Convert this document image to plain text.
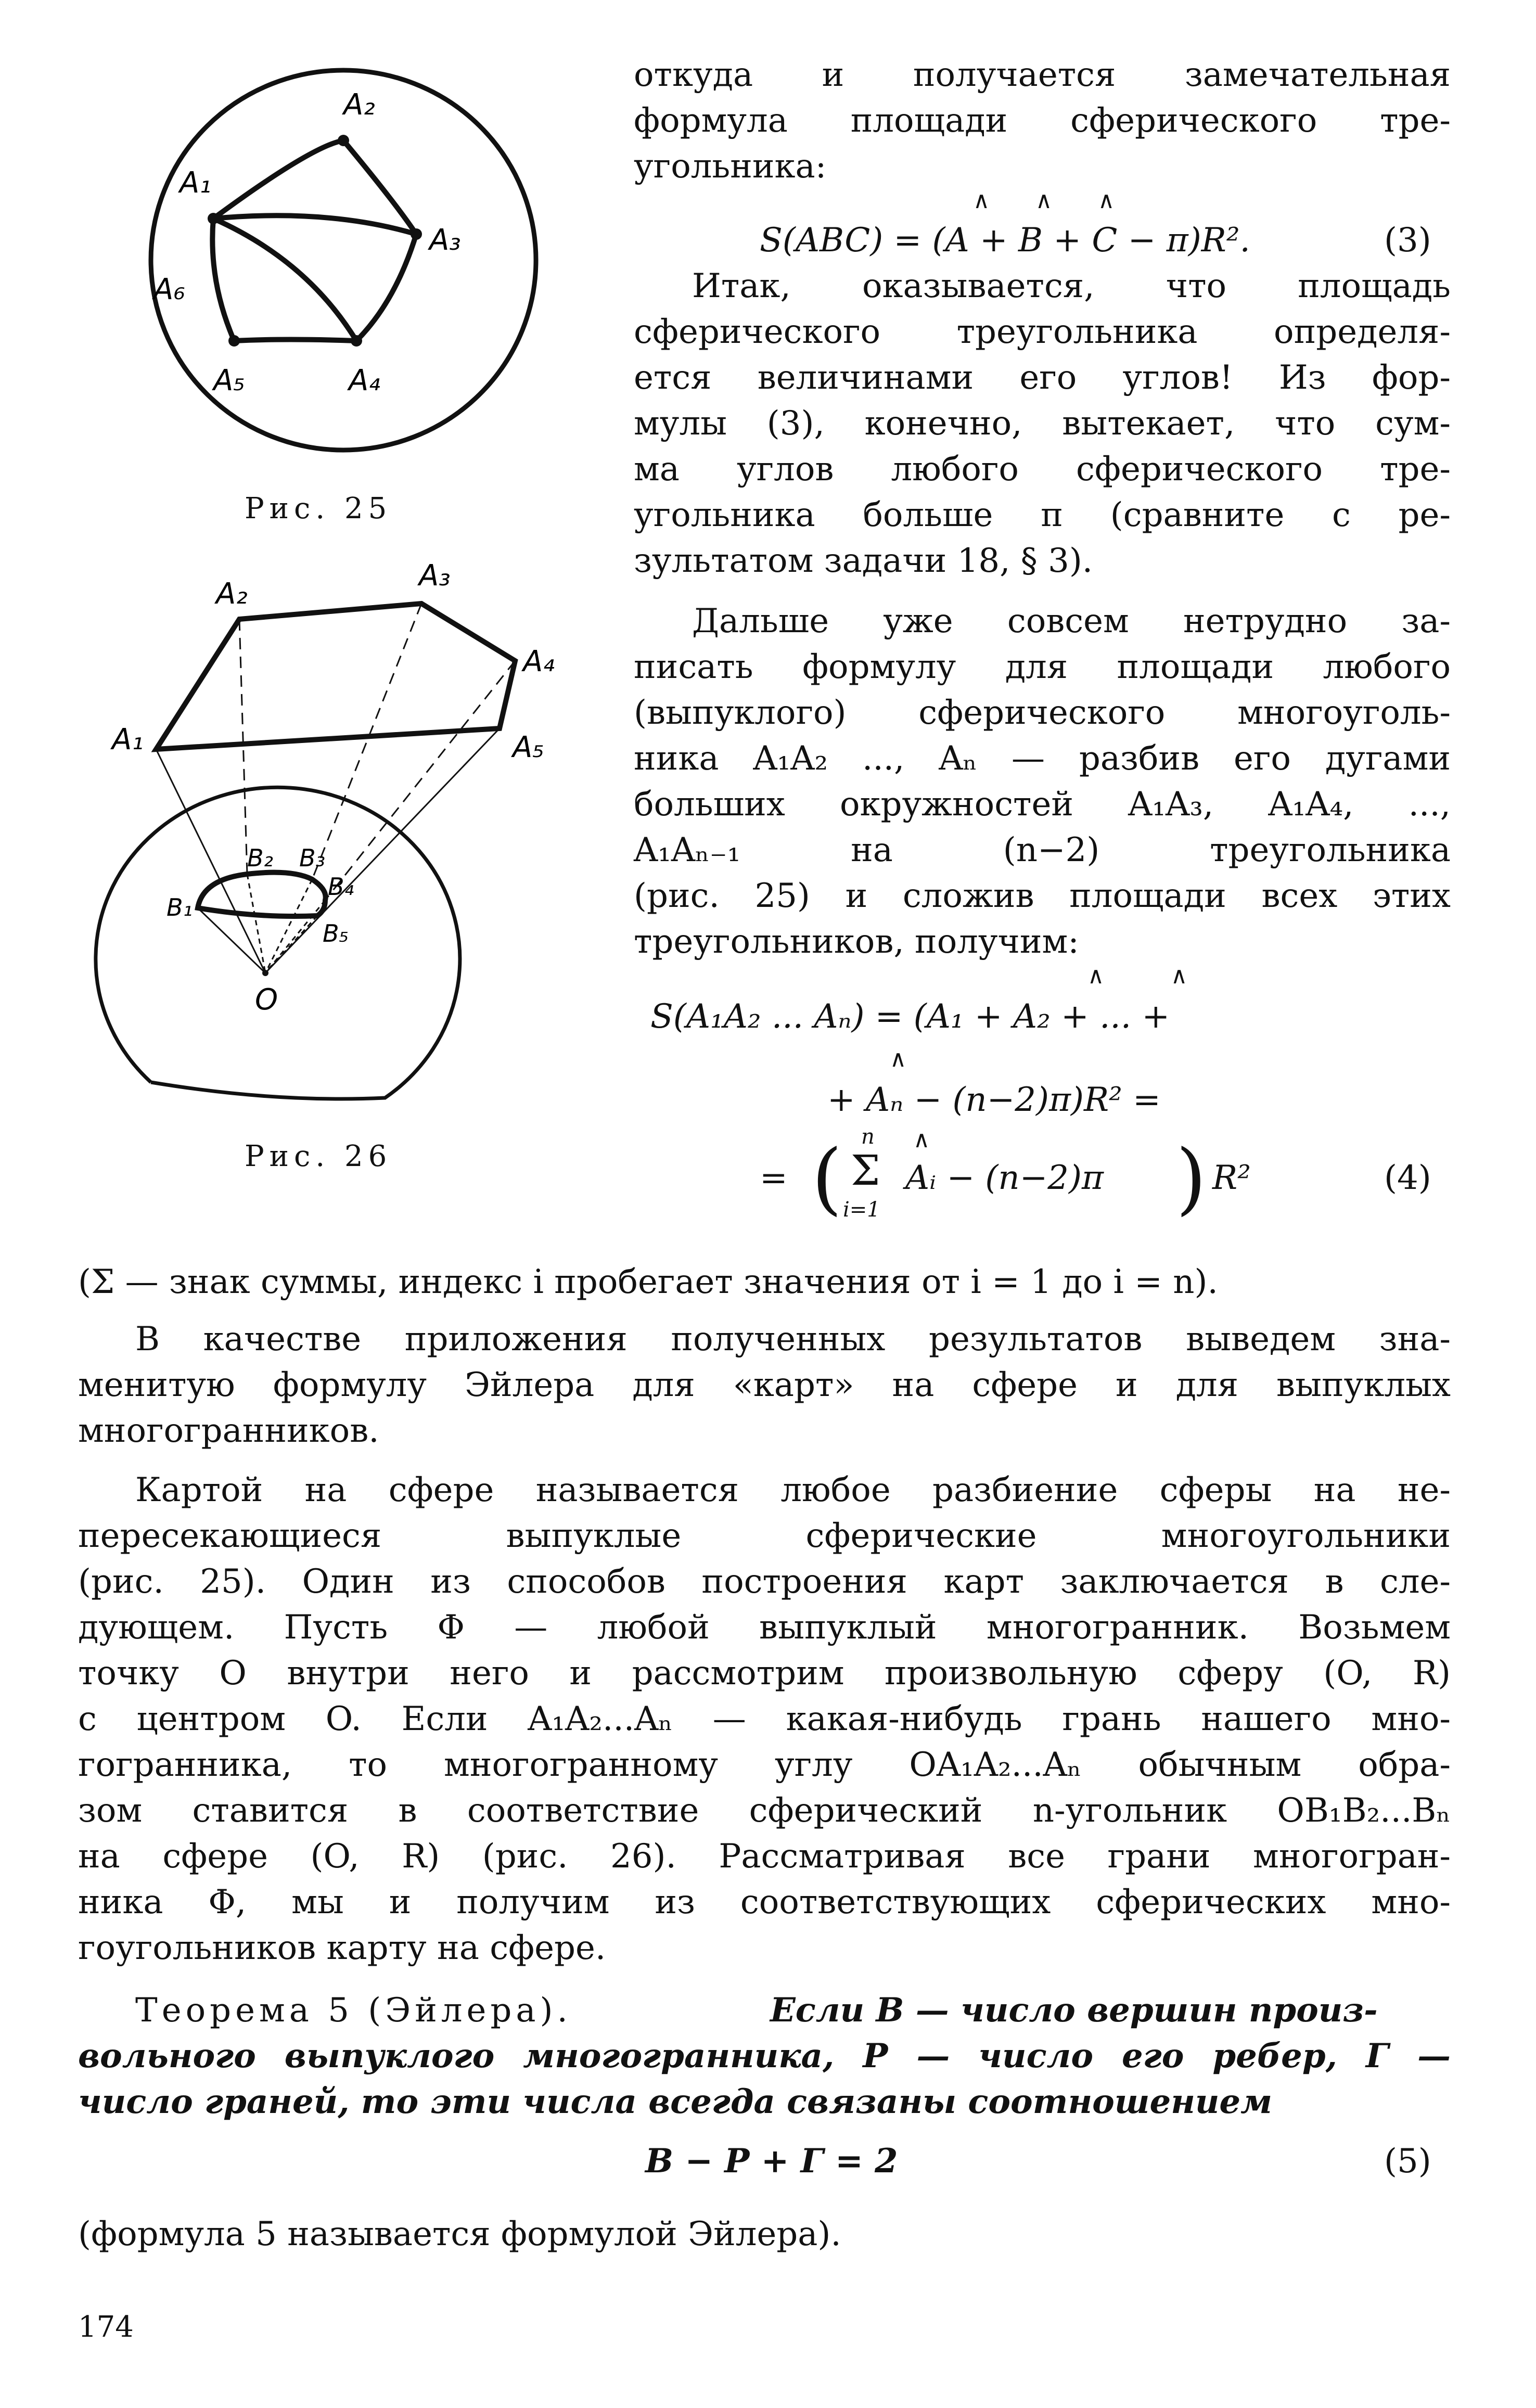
A₂
A₁
A₃
A₆
A₅	A₄
Рис. 25
A₂
A₃
A₄
A₁	A₅
B₂ B₃
B₄
B₁
B₅
O
Рис. 26
откуда и получается замечательная
формула площади сферического тре-
угольника:
∧ ∧ ∧
S(ABC) = (A + B + C − π)R².	(3)
Итак, оказывается, что площадь
сферического треугольника определя-
ется величинами его углов! Из фор-
мулы (3), конечно, вытекает, что сум-
ма углов любого сферического тре-
угольника больше π (сравните с ре-
зультатом задачи 18, § 3).
Дальше уже совсем нетрудно за-
писать формулу для площади любого
(выпуклого) сферического многоуголь-
ника A₁A₂ ..., Aₙ — разбив его дугами
больших окружностей A₁A₃, A₁A₄, ...,
A₁Aₙ₋₁ на (n−2) треугольника
(рис. 25) и сложив площади всех этих
треугольников, получим:
∧	∧
S(A₁A₂ ... Aₙ) = (A₁ + A₂ + ... +
∧
+ Aₙ − (n−2)π)R² =
= ( n
Σ
i=1
∧
Aᵢ − (n−2)π ) R²	(4)
(Σ — знак суммы, индекс i пробегает значения от i = 1 до i = n).
В качестве приложения полученных результатов выведем зна-
менитую формулу Эйлера для «карт» на сфере и для выпуклых
многогранников.
Картой на сфере называется любое разбиение сферы на не-
пересекающиеся выпуклые сферические многоугольники
(рис. 25). Один из способов построения карт заключается в сле-
дующем. Пусть Φ — любой выпуклый многогранник. Возьмем
точку O внутри него и рассмотрим произвольную сферу (O, R)
с центром O. Если A₁A₂...Aₙ — какая-нибудь грань нашего мно-
гогранника, то многогранному углу OA₁A₂...Aₙ обычным обра-
зом ставится в соответствие сферический n-угольник OB₁B₂...Bₙ
на сфере (O, R) (рис. 26). Рассматривая все грани многогран-
ника Φ, мы и получим из соответствующих сферических мно-
гоугольников карту на сфере.
Теорема 5 (Эйлера).	Если В — число вершин произ-
вольного выпуклого многогранника, Р — число его ребер, Г —
число граней, то эти числа всегда связаны соотношением
В − Р + Г = 2	(5)
(формула 5 называется формулой Эйлера).
174
